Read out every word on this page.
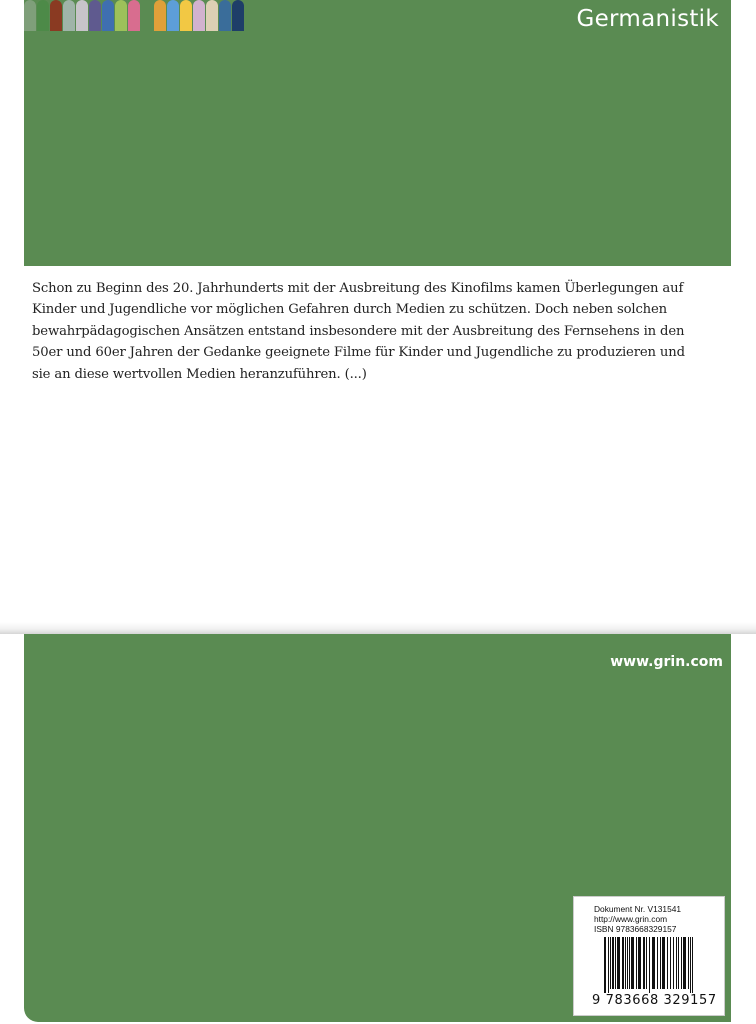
Germanistik

Schon zu Beginn des 20. Jahrhunderts mit der Ausbreitung des Kinofilms kamen Überlegungen auf
Kinder und Jugendliche vor möglichen Gefahren durch Medien zu schützen. Doch neben solchen
bewahrpädagogischen Ansätzen entstand insbesondere mit der Ausbreitung des Fernsehens in den
50er und 60er Jahren der Gedanke geeignete Filme für Kinder und Jugendliche zu produzieren und
sie an diese wertvollen Medien heranzuführen. (...)

www.grin.com
Dokument Nr. V131541
http://www.grin.com
ISBN 9783668329157
9 783668 329157
